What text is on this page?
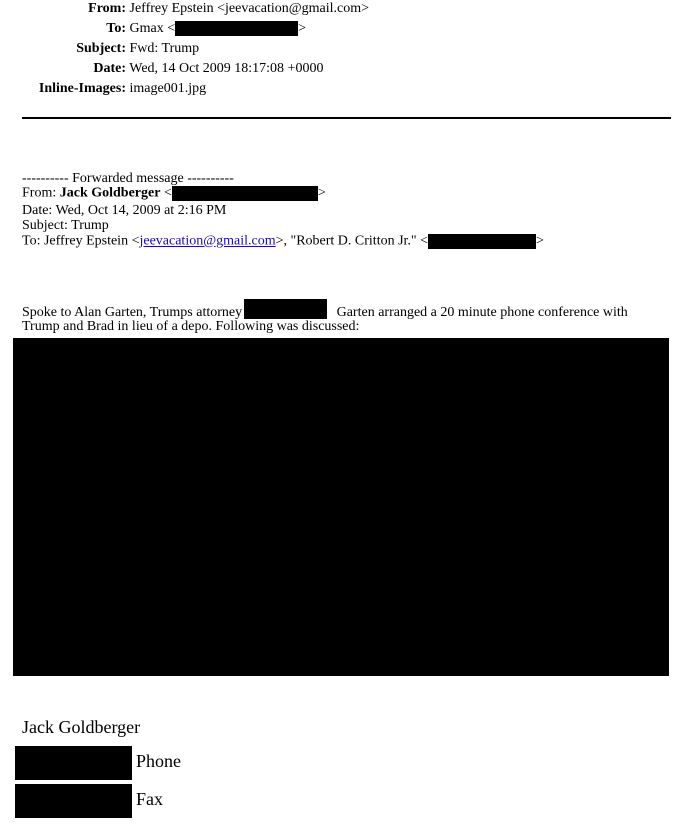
From: Jeffrey Epstein <jeevacation@gmail.com>
To: Gmax <	>
Subject: Fwd: Trump
Date: Wed, 14 Oct 2009 18:17:08 +0000
Inline-Images: image001.jpg
---------- Forwarded message ----------
From: Jack Goldberger <	>
Date: Wed, Oct 14, 2009 at 2:16 PM
Subject: Trump
To: Jeffrey Epstein <jeevacation@gmail.com>, "Robert D. Critton Jr." <	>
Spoke to Alan Garten, Trumps attorney	Garten arranged a 20 minute phone conference with Trump and Brad in lieu of a depo. Following was discussed:
Jack Goldberger
Phone
Fax
